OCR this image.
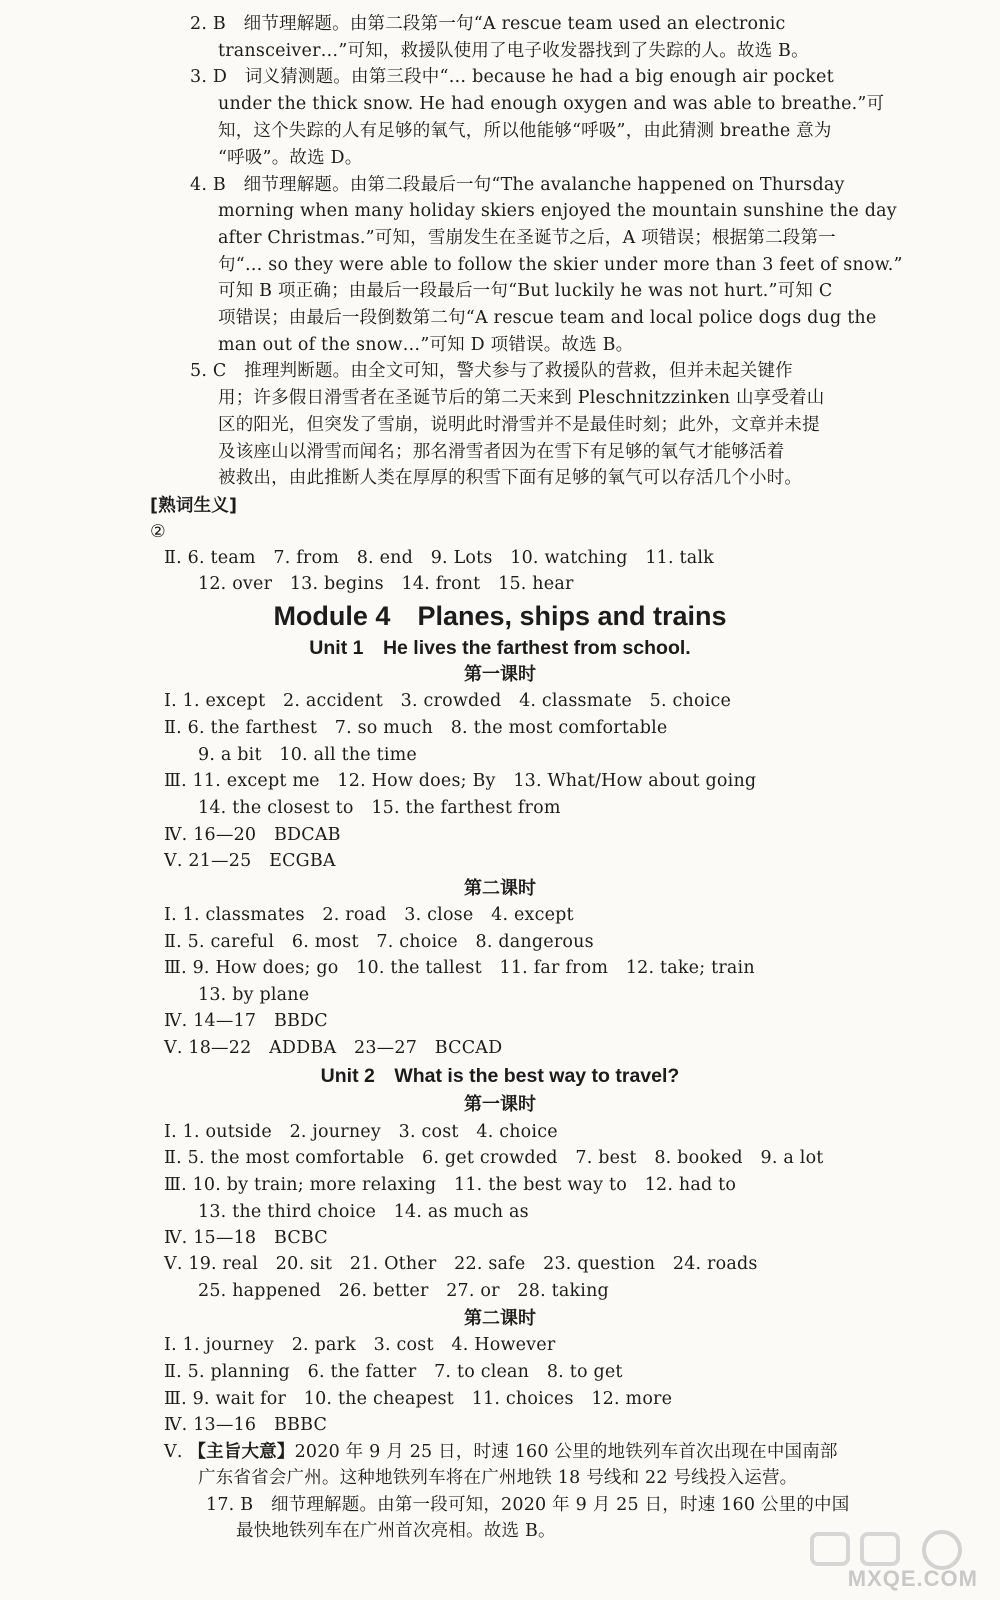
2. B　细节理解题。由第二段第一句“A rescue team used an electronic
transceiver…”可知，救援队使用了电子收发器找到了失踪的人。故选 B。
3. D　词义猜测题。由第三段中“… because he had a big enough air pocket
under the thick snow. He had enough oxygen and was able to breathe.”可
知，这个失踪的人有足够的氧气，所以他能够“呼吸”，由此猜测 breathe 意为
“呼吸”。故选 D。
4. B　细节理解题。由第二段最后一句“The avalanche happened on Thursday
morning when many holiday skiers enjoyed the mountain sunshine the day
after Christmas.”可知，雪崩发生在圣诞节之后，A 项错误；根据第二段第一
句“… so they were able to follow the skier under more than 3 feet of snow.”
可知 B 项正确；由最后一段最后一句“But luckily he was not hurt.”可知 C
项错误；由最后一段倒数第二句“A rescue team and local police dogs dug the
man out of the snow…”可知 D 项错误。故选 B。
5. C　推理判断题。由全文可知，警犬参与了救援队的营救，但并未起关键作
用；许多假日滑雪者在圣诞节后的第二天来到 Pleschnitzzinken 山享受着山
区的阳光，但突发了雪崩，说明此时滑雪并不是最佳时刻；此外，文章并未提
及该座山以滑雪而闻名；那名滑雪者因为在雪下有足够的氧气才能够活着
被救出，由此推断人类在厚厚的积雪下面有足够的氧气可以存活几个小时。
[熟词生义]
②
Ⅱ. 6. team　7. from　8. end　9. Lots　10. watching　11. talk
12. over　13. begins　14. front　15. hear
Module 4　Planes, ships and trains
Unit 1　He lives the farthest from school.
第一课时
Ⅰ. 1. except　2. accident　3. crowded　4. classmate　5. choice
Ⅱ. 6. the farthest　7. so much　8. the most comfortable
9. a bit　10. all the time
Ⅲ. 11. except me　12. How does; By　13. What/How about going
14. the closest to　15. the farthest from
Ⅳ. 16—20　BDCAB
Ⅴ. 21—25　ECGBA
第二课时
Ⅰ. 1. classmates　2. road　3. close　4. except
Ⅱ. 5. careful　6. most　7. choice　8. dangerous
Ⅲ. 9. How does; go　10. the tallest　11. far from　12. take; train
13. by plane
Ⅳ. 14—17　BBDC
Ⅴ. 18—22　ADDBA　23—27　BCCAD
Unit 2　What is the best way to travel?
第一课时
Ⅰ. 1. outside　2. journey　3. cost　4. choice
Ⅱ. 5. the most comfortable　6. get crowded　7. best　8. booked　9. a lot
Ⅲ. 10. by train; more relaxing　11. the best way to　12. had to
13. the third choice　14. as much as
Ⅳ. 15—18　BCBC
Ⅴ. 19. real　20. sit　21. Other　22. safe　23. question　24. roads
25. happened　26. better　27. or　28. taking
第二课时
Ⅰ. 1. journey　2. park　3. cost　4. However
Ⅱ. 5. planning　6. the fatter　7. to clean　8. to get
Ⅲ. 9. wait for　10. the cheapest　11. choices　12. more
Ⅳ. 13—16　BBBC
Ⅴ. 【主旨大意】2020 年 9 月 25 日，时速 160 公里的地铁列车首次出现在中国南部
广东省省会广州。这种地铁列车将在广州地铁 18 号线和 22 号线投入运营。
17. B　细节理解题。由第一段可知，2020 年 9 月 25 日，时速 160 公里的中国
最快地铁列车在广州首次亮相。故选 B。
MXQE.COM
